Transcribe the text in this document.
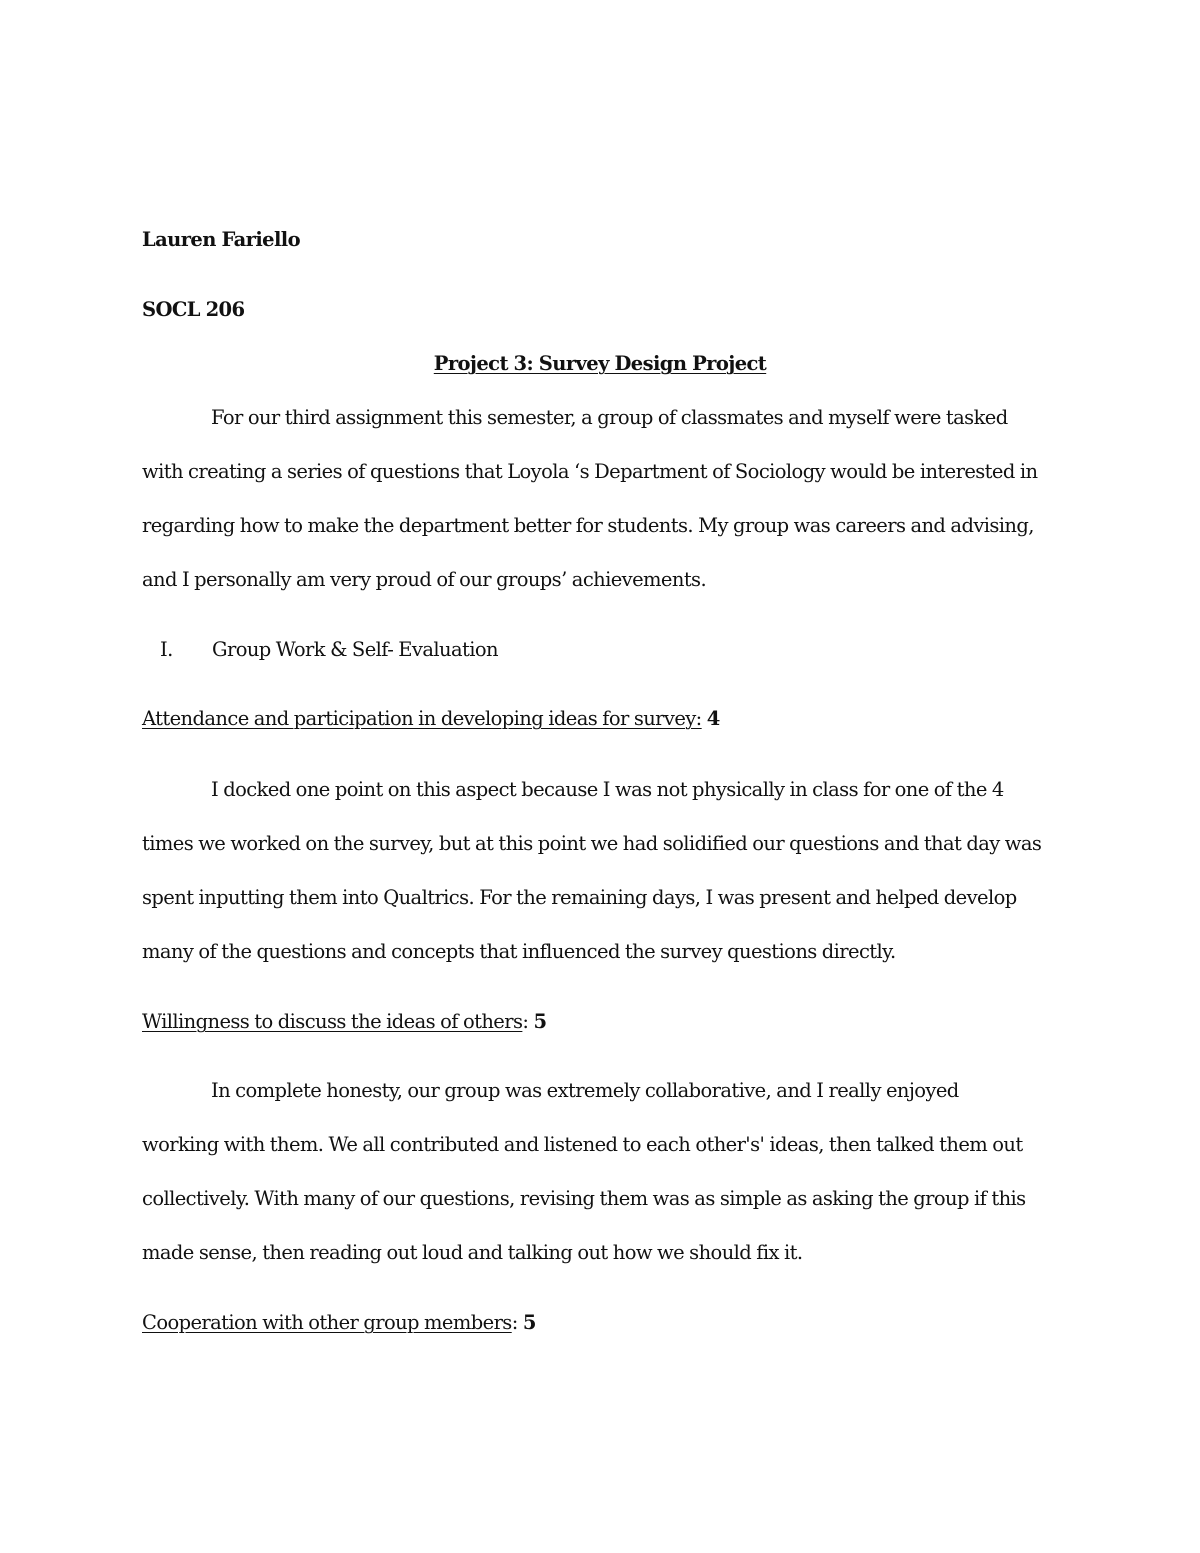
Lauren Fariello
SOCL 206
Project 3: Survey Design Project
For our third assignment this semester, a group of classmates and myself were tasked
with creating a series of questions that Loyola ‘s Department of Sociology would be interested in
regarding how to make the department better for students. My group was careers and advising,
and I personally am very proud of our groups’ achievements.
I. Group Work & Self- Evaluation
Attendance and participation in developing ideas for survey: 4
I docked one point on this aspect because I was not physically in class for one of the 4
times we worked on the survey, but at this point we had solidified our questions and that day was
spent inputting them into Qualtrics. For the remaining days, I was present and helped develop
many of the questions and concepts that influenced the survey questions directly.
Willingness to discuss the ideas of others: 5
In complete honesty, our group was extremely collaborative, and I really enjoyed
working with them. We all contributed and listened to each other's' ideas, then talked them out
collectively. With many of our questions, revising them was as simple as asking the group if this
made sense, then reading out loud and talking out how we should fix it.
Cooperation with other group members: 5
